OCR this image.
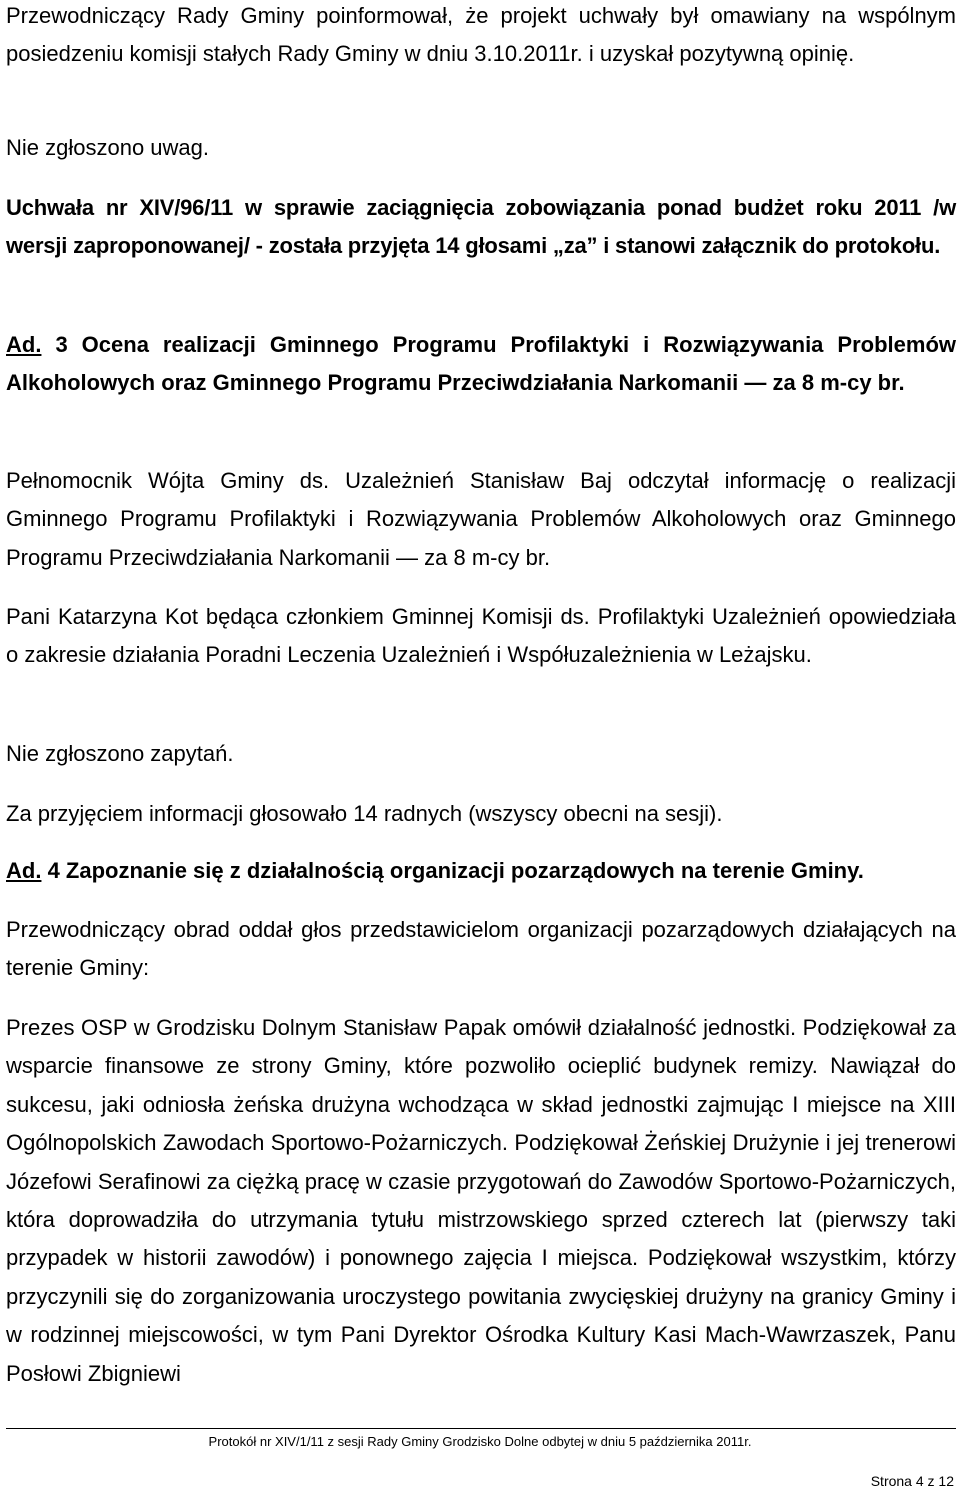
Przewodniczący Rady Gminy poinformował, że projekt uchwały był omawiany na wspólnym posiedzeniu komisji stałych Rady Gminy w dniu 3.10.2011r. i uzyskał pozytywną opinię.

Nie zgłoszono uwag.

Uchwała nr XIV/96/11 w sprawie zaciągnięcia zobowiązania ponad budżet roku 2011 /w wersji zaproponowanej/ - została przyjęta 14 głosami „za” i stanowi załącznik do protokołu.

Ad. 3 Ocena realizacji Gminnego Programu Profilaktyki i Rozwiązywania Problemów Alkoholowych oraz Gminnego Programu Przeciwdziałania Narkomanii — za 8 m-cy br.

Pełnomocnik Wójta Gminy ds. Uzależnień Stanisław Baj odczytał informację o realizacji Gminnego Programu Profilaktyki i Rozwiązywania Problemów Alkoholowych oraz Gminnego Programu Przeciwdziałania Narkomanii — za 8 m-cy br.

Pani Katarzyna Kot będąca członkiem Gminnej Komisji ds. Profilaktyki Uzależnień opowiedziała o zakresie działania Poradni Leczenia Uzależnień i Współuzależnienia w Leżajsku.

Nie zgłoszono zapytań.

Za przyjęciem informacji głosowało 14 radnych (wszyscy obecni na sesji).

Ad. 4 Zapoznanie się z działalnością organizacji pozarządowych na terenie Gminy.

Przewodniczący obrad oddał głos przedstawicielom organizacji pozarządowych działających na terenie Gminy:

Prezes OSP w Grodzisku Dolnym Stanisław Papak omówił działalność jednostki. Podziękował za wsparcie finansowe ze strony Gminy, które pozwoliło ocieplić budynek remizy. Nawiązał do sukcesu, jaki odniosła żeńska drużyna wchodząca w skład jednostki zajmując I miejsce na XIII Ogólnopolskich Zawodach Sportowo-Pożarniczych. Podziękował Żeńskiej Drużynie i jej trenerowi Józefowi Serafinowi za ciężką pracę w czasie przygotowań do Zawodów Sportowo-Pożarniczych, która doprowadziła do utrzymania tytułu mistrzowskiego sprzed czterech lat (pierwszy taki przypadek w historii zawodów) i ponownego zajęcia I miejsca. Podziękował wszystkim, którzy przyczynili się do zorganizowania uroczystego powitania zwycięskiej drużyny na granicy Gminy i w rodzinnej miejscowości, w tym Pani Dyrektor Ośrodka Kultury Kasi Mach-Wawrzaszek, Panu Posłowi Zbigniewi

Protokół nr XIV/1/11 z sesji Rady Gminy Grodzisko Dolne odbytej w dniu 5 października 2011r.
Strona 4 z 12
